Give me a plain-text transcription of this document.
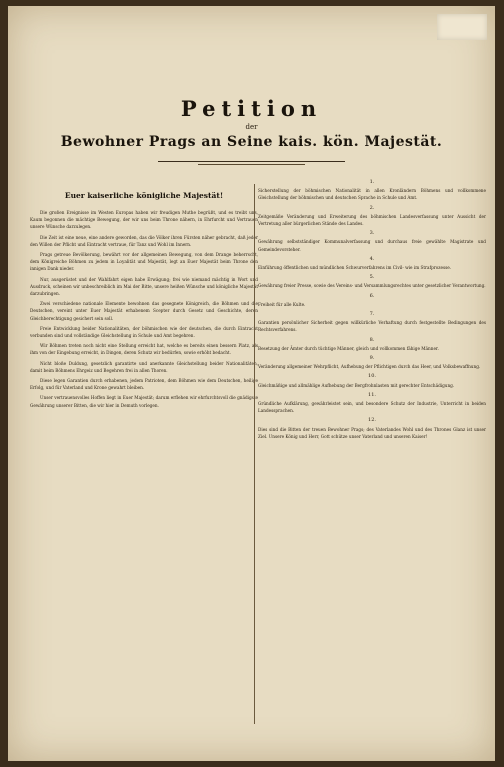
Petition
der
Bewohner Prags an Seine kais. kön. Majestät.
Euer kaiserliche königliche Majestät!

Die großen Ereignisse im Westen Europas haben wir freudigen Muthe begrüßt, und es treibt uns, Kaum begonnen die mächtige Bewegung, der wir uns beim Throne nähern, in Ehrfurcht und Vertrauen unsere Wünsche darzulegen.

Die Zeit ist eine neue, eine andere geworden, das die Völker ihren Fürsten näher gebracht, daß jeder den Willen der Pflicht und Eintracht vertraue, für Tanz und Wohl im Innern.

Prags getreue Bevölkerung, bewährt vor der allgemeinen Bewegung, von dem Drange beherrscht, dem Königreiche Böhmen zu jedem in Loyalität und Majestät, legt an Euer Majestät beim Throne den innigen Dank nieder.

Nur, ausgerüstet und der Wahlfahrt eigen habe Erwägung; frei wie niemand mächtig in Wort und Ausdruck, scheinen wir unbeschreiblich im Mai der Bitte, unsere heißen Wünsche und königliche Majestät darzubringen.

Zwei verschiedene nationale Elemente bewohnen das gesegnete Königreich, die Böhmen und die Deutschen, vereint unter Euer Majestät erhabenem Scepter durch Gesetz und Geschichte, deren Gleichberechtigung gesichert sein soll.

Freie Entwicklung beider Nationalitäten, der böhmischen wie der deutschen, die durch Eintracht verbunden sind und vollständige Gleichstellung in Schule und Amt begehren.

Wir Böhmen treten noch nicht eine Stellung erreicht hat, welche es bereits einen bessern Platz, als ihm von der Eingebung erreicht, in Dingen, deren Schutz wir bedürfen, sowie erhöht bedacht.

Nicht bloße Duldung, gesetzlich garantirte und anerkannte Gleichstellung beider Nationalitäten, damit beim Böhmens Ehrgeiz und Begehren frei in allen Thoren.

Diese legen Garantien durch erhabenen, jedem Patrioten, dem Böhmen wie dem Deutschen, heilige Erfolg, und für Vaterland und Krone gewahrt bleiben.

Unser vertrauensvolles Hoffen liegt in Euer Majestät; darum erflehen wir ehrfurchtsvoll die gnädigste Gewährung unserer Bitten, die wir hier in Demuth vorlegen.

1.

Sicherstellung der böhmischen Nationalität in allen Kronländern Böhmens und vollkommene Gleichstellung der böhmischen und deutschen Sprache in Schule und Amt.

2.

Zeitgemäße Veränderung und Erweiterung des böhmischen Landesverfassung unter Aussicht der Vertretung aller bürgerlichen Stände des Landes.

3.

Gewährung selbstständiger Kommunalverfassung und durchaus freie gewählte Magistrate und Gemeindevorsteher.

4.

Einführung öffentlichen und mündlichen Schwurverfahrens im Civil- wie im Strafprozesse.

5.

Gewährung freier Presse, sowie des Vereins- und Versammlungsrechtes unter gesetzlicher Verantwortung.

6.

Freiheit für alle Kulte.

7.

Garantien persönlicher Sicherheit gegen willkürliche Verhaftung durch festgestellte Bedingungen des Rechtsverfahrens.

8.

Besetzung der Ämter durch tüchtige Männer, gleich und vollkommen fähige Männer.

9.

Veränderung allgemeiner Wehrpflicht, Aufhebung der Pflichtigen durch das Heer, und Volksbewaffnung.

10.

Gleichmäßige und allmählige Aufhebung der Bergfrohnlasten mit gerechter Entschädigung.

11.

Gründliche Aufklärung, gewährleistet sein, und besondere Schutz der Industrie, Unterricht in beiden Landessprachen.

12.

Dies sind die Bitten der treuen Bewohner Prags; des Vaterlandes Wohl und des Thrones Glanz ist unser Ziel. Unsere König und Herr, Gott schütze unser Vaterland und unseren Kaiser!
